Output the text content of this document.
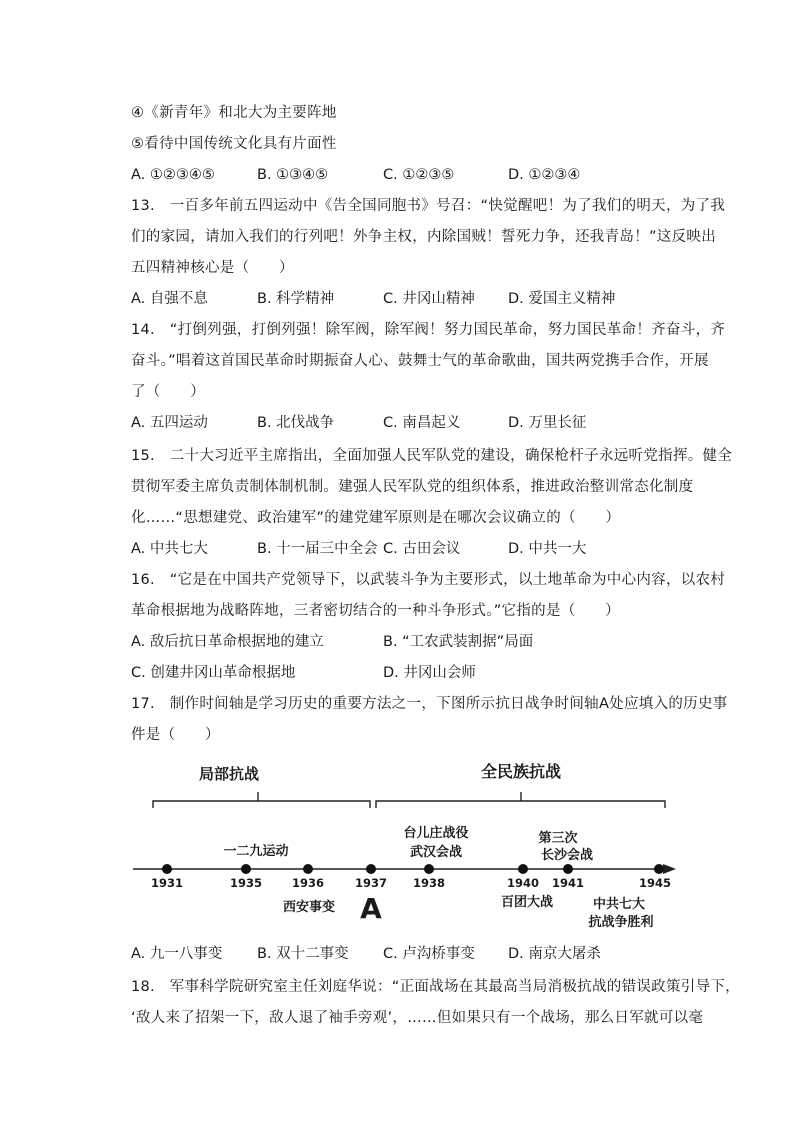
④《新青年》和北大为主要阵地
⑤看待中国传统文化具有片面性
A. ①②③④⑤	B. ①③④⑤	C. ①②③⑤	D. ①②③④
13.　一百多年前五四运动中《告全国同胞书》号召：“快觉醒吧！为了我们的明天，为了我
们的家园，请加入我们的行列吧！外争主权，内除国贼！誓死力争，还我青岛！”这反映出
五四精神核心是（　　）
A. 自强不息	B. 科学精神	C. 井冈山精神 D. 爱国主义精神
14.　“打倒列强，打倒列强！除军阀，除军阀！努力国民革命，努力国民革命！齐奋斗，齐
奋斗。”唱着这首国民革命时期振奋人心、鼓舞士气的革命歌曲，国共两党携手合作，开展
了（　　）
A. 五四运动	B. 北伐战争	C. 南昌起义	D. 万里长征
15.　二十大习近平主席指出，全面加强人民军队党的建设，确保枪杆子永远听党指挥。健全
贯彻军委主席负责制体制机制。建强人民军队党的组织体系，推进政治整训常态化制度
化……“思想建党、政治建军”的建党建军原则是在哪次会议确立的（　　）
A. 中共七大	B. 十一届三中全会 C. 古田会议	D. 中共一大
16.　“它是在中国共产党领导下，以武装斗争为主要形式，以土地革命为中心内容，以农村
革命根据地为战略阵地，三者密切结合的一种斗争形式。”它指的是（　　）
A. 敌后抗日革命根据地的建立	B. “工农武装割据”局面
C. 创建井冈山革命根据地	D. 井冈山会师
17.　制作时间轴是学习历史的重要方法之一，下图所示抗日战争时间轴A处应填入的历史事
件是（　　）
局部抗战	全民族抗战
1931	1935	1936	1937 1938	1940 1941	1945
一二九运动
台儿庄战役
武汉会战
第三次
长沙会战
西安事变 A	百团大战	中共七大
抗战争胜利
A. 九一八事变 B. 双十二事变 C. 卢沟桥事变 D. 南京大屠杀
18.　军事科学院研究室主任刘庭华说：“正面战场在其最高当局消极抗战的错误政策引导下，
‘敌人来了招架一下，敌人退了袖手旁观’，……但如果只有一个战场，那么日军就可以毫
